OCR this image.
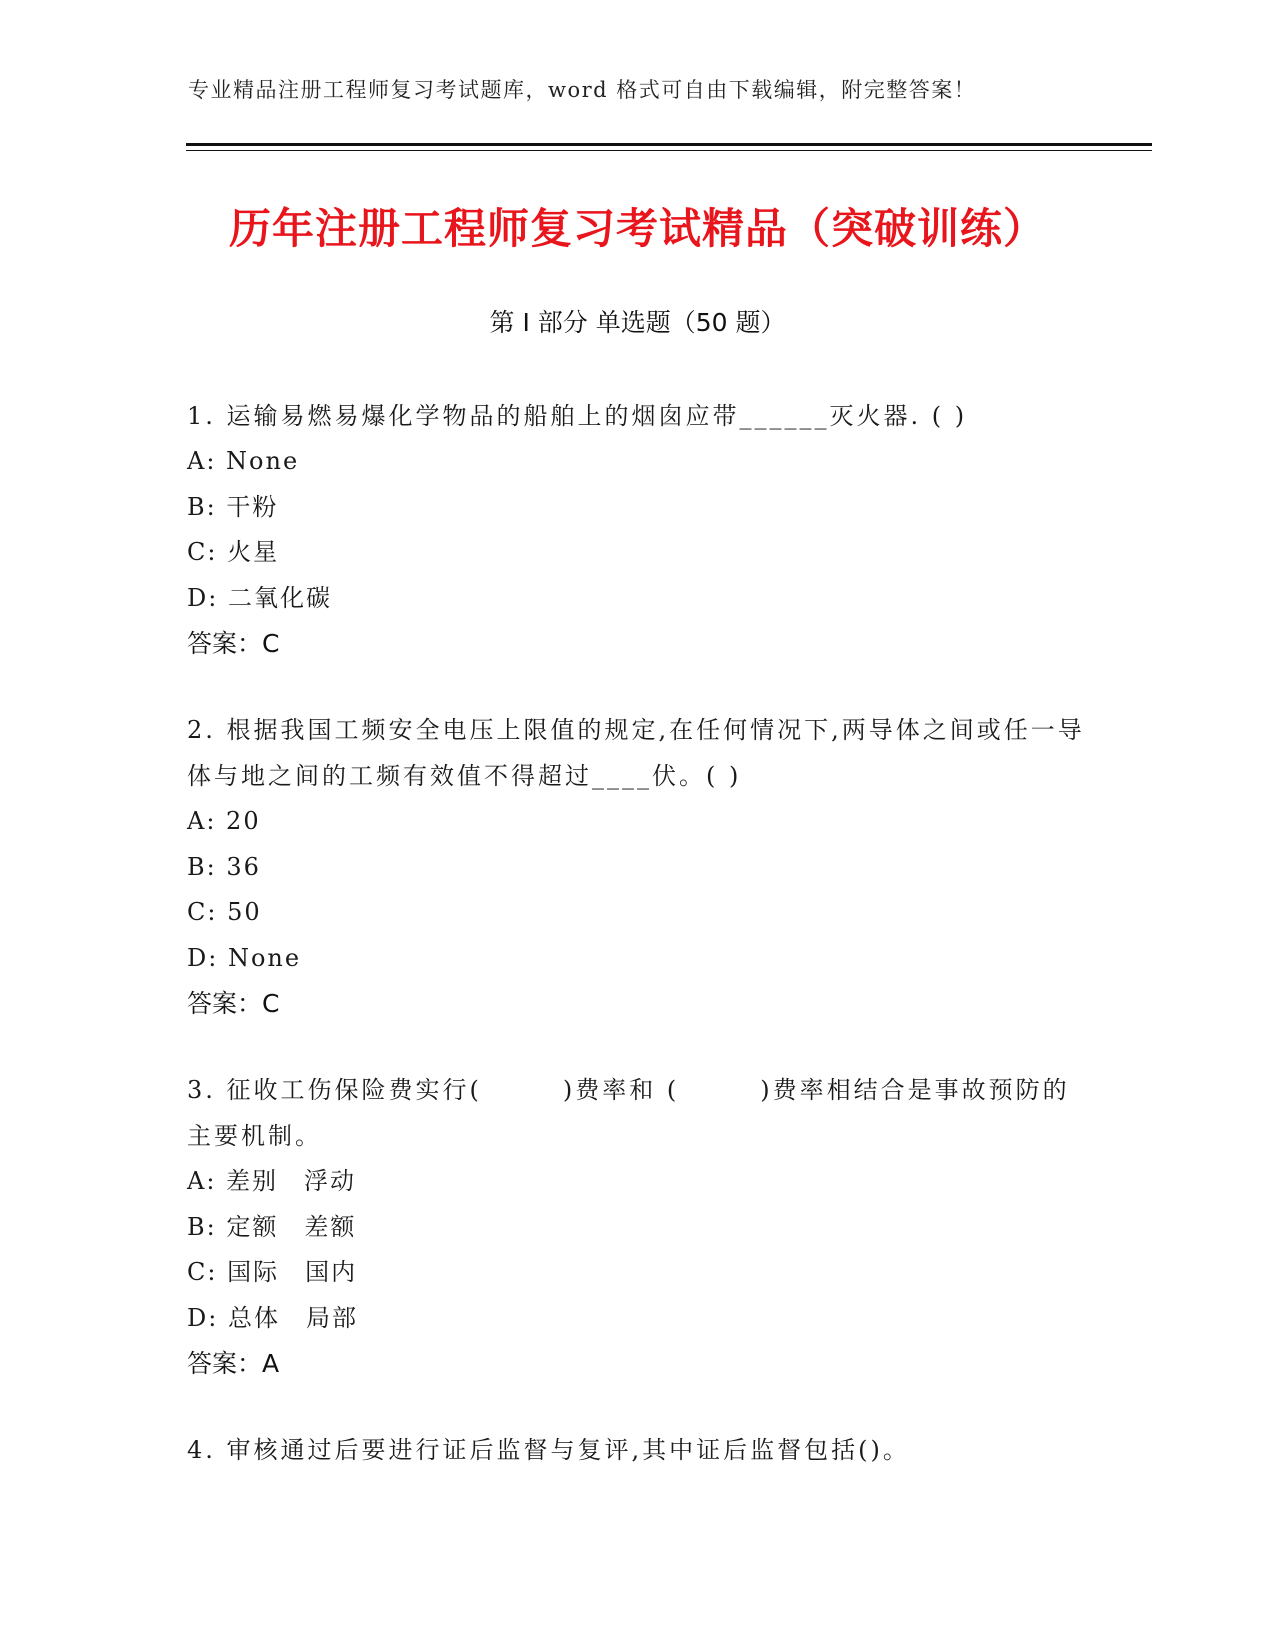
专业精品注册工程师复习考试题库，word 格式可自由下载编辑，附完整答案！
历年注册工程师复习考试精品（突破训练）
第 I 部分 单选题（50 题）
1. 运输易燃易爆化学物品的船舶上的烟囱应带______灭火器. ( )
A: None
B: 干粉
C: 火星
D: 二氧化碳
答案：C
2. 根据我国工频安全电压上限值的规定,在任何情况下,两导体之间或任一导体与地之间的工频有效值不得超过____伏。( )
A: 20
B: 36
C: 50
D: None
答案：C
3. 征收工伤保险费实行(　　　)费率和 (　　　)费率相结合是事故预防的主要机制。
A: 差别　浮动
B: 定额　差额
C: 国际　国内
D: 总体　局部
答案：A
4. 审核通过后要进行证后监督与复评,其中证后监督包括()。
